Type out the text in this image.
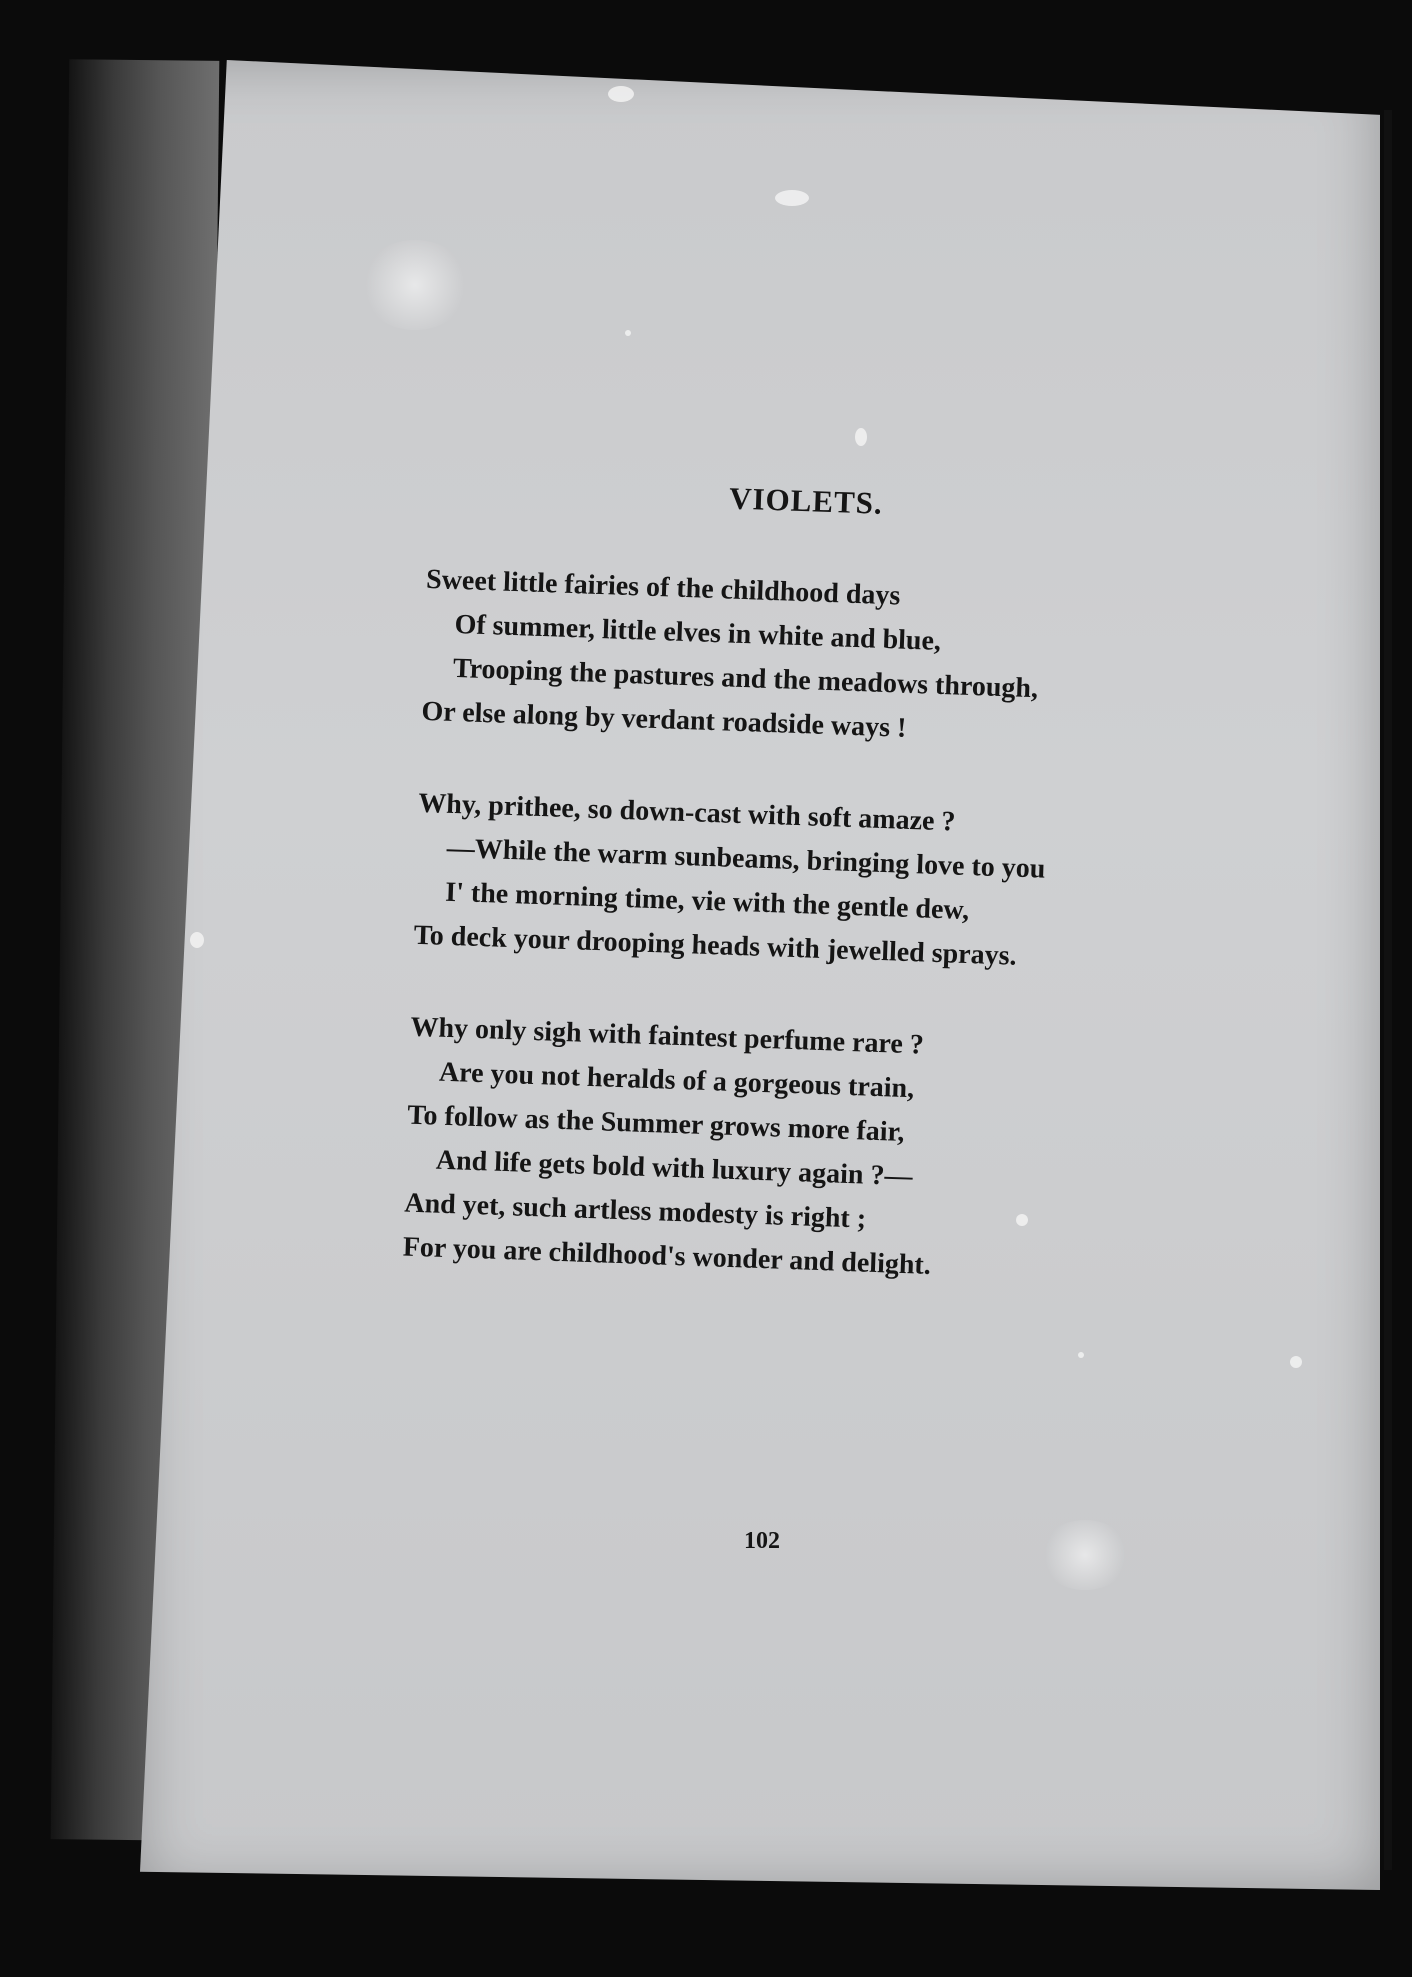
VIOLETS.

Sweet little fairies of the childhood days

Of summer, little elves in white and blue,

Trooping the pastures and the meadows through,

Or else along by verdant roadside ways !

Why, prithee, so down-cast with soft amaze ?

—While the warm sunbeams, bringing love to you

I' the morning time, vie with the gentle dew,

To deck your drooping heads with jewelled sprays.

Why only sigh with faintest perfume rare ?

Are you not heralds of a gorgeous train,

To follow as the Summer grows more fair,

And life gets bold with luxury again ?—

And yet, such artless modesty is right ;

For you are childhood's wonder and delight.

102
